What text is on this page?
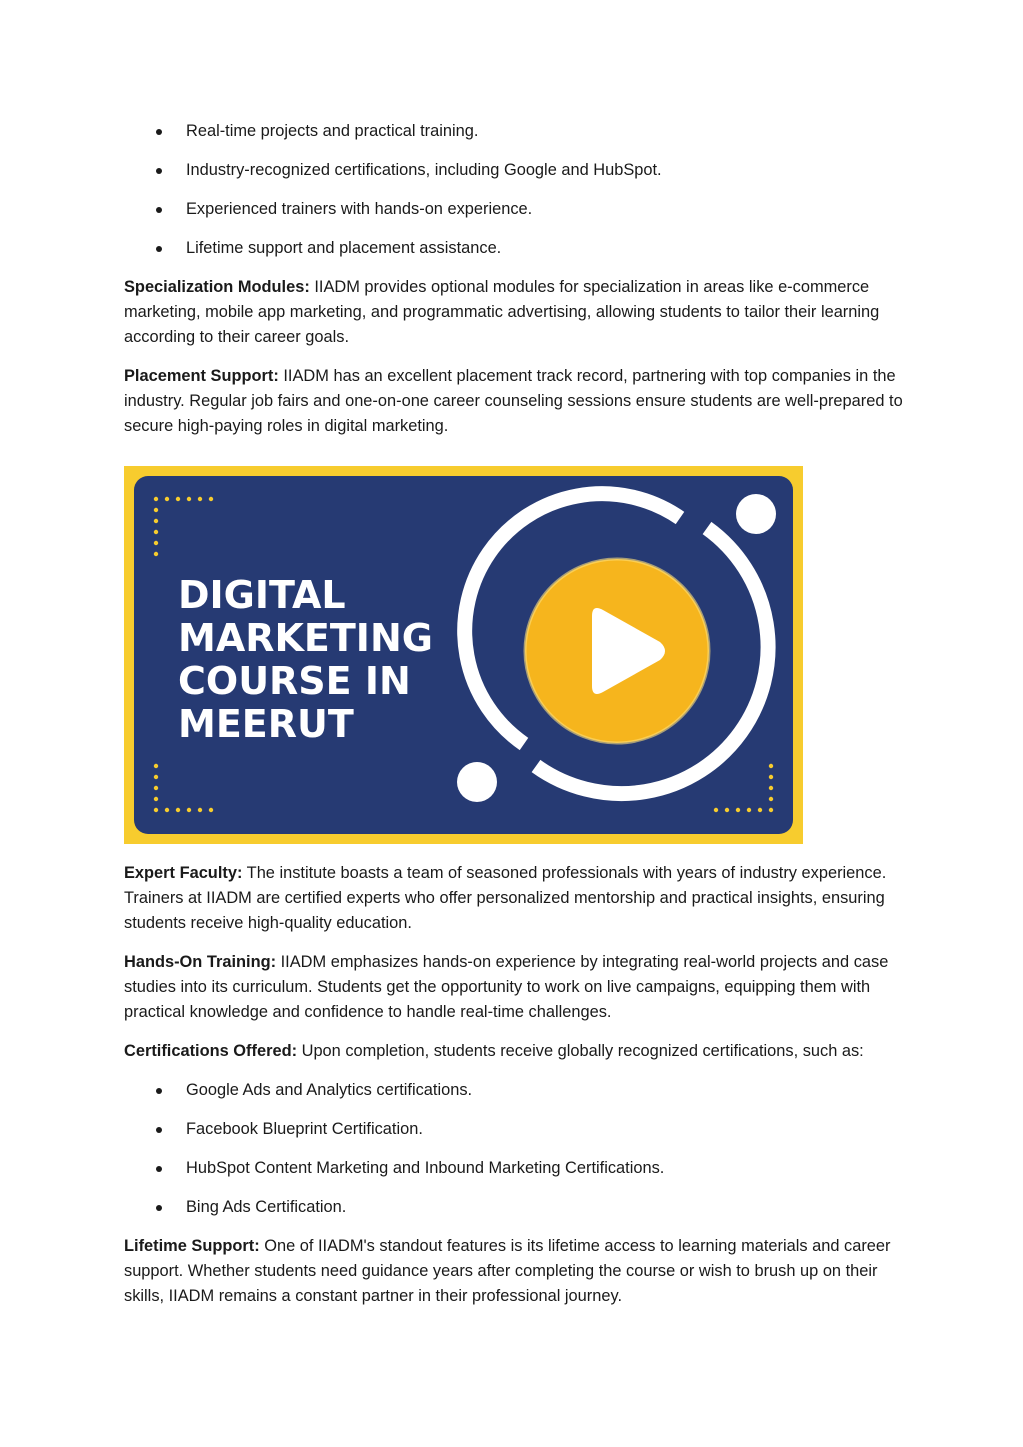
Real-time projects and practical training.
Industry-recognized certifications, including Google and HubSpot.
Experienced trainers with hands-on experience.
Lifetime support and placement assistance.

Specialization Modules: IIADM provides optional modules for specialization in areas like e-commerce marketing, mobile app marketing, and programmatic advertising, allowing students to tailor their learning according to their career goals.

Placement Support: IIADM has an excellent placement track record, partnering with top companies in the industry. Regular job fairs and one-on-one career counseling sessions ensure students are well-prepared to secure high-paying roles in digital marketing.

DIGITAL
MARKETING
COURSE IN
MEERUT

Expert Faculty: The institute boasts a team of seasoned professionals with years of industry experience. Trainers at IIADM are certified experts who offer personalized mentorship and practical insights, ensuring students receive high-quality education.

Hands-On Training: IIADM emphasizes hands-on experience by integrating real-world projects and case studies into its curriculum. Students get the opportunity to work on live campaigns, equipping them with practical knowledge and confidence to handle real-time challenges.

Certifications Offered: Upon completion, students receive globally recognized certifications, such as:

Google Ads and Analytics certifications.
Facebook Blueprint Certification.
HubSpot Content Marketing and Inbound Marketing Certifications.
Bing Ads Certification.

Lifetime Support: One of IIADM's standout features is its lifetime access to learning materials and career support. Whether students need guidance years after completing the course or wish to brush up on their skills, IIADM remains a constant partner in their professional journey.
